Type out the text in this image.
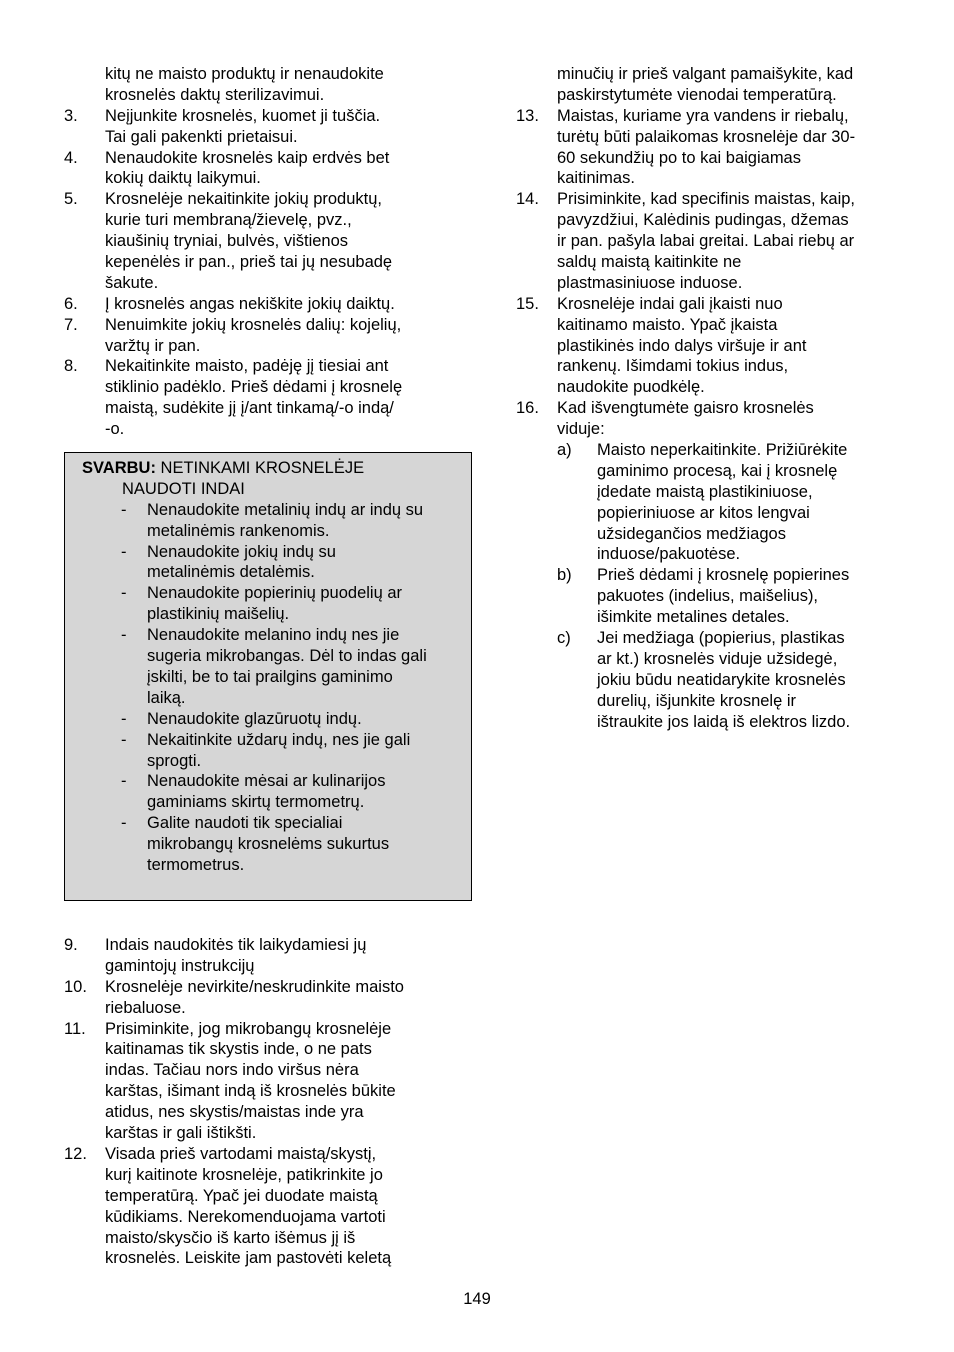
kitų ne maisto produktų ir nenaudokite
krosnelės daktų sterilizavimui.
3. Neįjunkite krosnelės, kuomet ji tuščia.
Tai gali pakenkti prietaisui.
4. Nenaudokite krosnelės kaip erdvės bet
kokių daiktų laikymui.
5. Krosnelėje nekaitinkite jokių produktų,
kurie turi membraną/žievelę, pvz.,
kiaušinių tryniai, bulvės, vištienos
kepenėlės ir pan., prieš tai jų nesubadę
šakute.
6. Į krosnelės angas nekiškite jokių daiktų.
7. Nenuimkite jokių krosnelės dalių: kojelių,
varžtų ir pan.
8. Nekaitinkite maisto, padėję jį tiesiai ant
stiklinio padėklo. Prieš dėdami į krosnelę
maistą, sudėkite jį į/ant tinkamą/-o indą/
-o.
SVARBU: NETINKAMI KROSNELĖJE
NAUDOTI INDAI
- Nenaudokite metalinių indų ar indų su
metalinėmis rankenomis.
- Nenaudokite jokių indų su
metalinėmis detalėmis.
- Nenaudokite popierinių puodelių ar
plastikinių maišelių.
- Nenaudokite melanino indų nes jie
sugeria mikrobangas. Dėl to indas gali
įskilti, be to tai prailgins gaminimo
laiką.
- Nenaudokite glazūruotų indų.
- Nekaitinkite uždarų indų, nes jie gali
sprogti.
- Nenaudokite mėsai ar kulinarijos
gaminiams skirtų termometrų.
- Galite naudoti tik specialiai
mikrobangų krosnelėms sukurtus
termometrus.
9. Indais naudokitės tik laikydamiesi jų
gamintojų instrukcijų
10. Krosnelėje nevirkite/neskrudinkite maisto
riebaluose.
11. Prisiminkite, jog mikrobangų krosnelėje
kaitinamas tik skystis inde, o ne pats
indas. Tačiau nors indo viršus nėra
karštas, išimant indą iš krosnelės būkite
atidus, nes skystis/maistas inde yra
karštas ir gali ištikšti.
12. Visada prieš vartodami maistą/skystį,
kurį kaitinote krosnelėje, patikrinkite jo
temperatūrą. Ypač jei duodate maistą
kūdikiams. Nerekomenduojama vartoti
maisto/skysčio iš karto išėmus jį iš
krosnelės. Leiskite jam pastovėti keletą
minučių ir prieš valgant pamaišykite, kad
paskirstytumėte vienodai temperatūrą.
13. Maistas, kuriame yra vandens ir riebalų,
turėtų būti palaikomas krosnelėje dar 30-
60 sekundžių po to kai baigiamas
kaitinimas.
14. Prisiminkite, kad specifinis maistas, kaip,
pavyzdžiui, Kalėdinis pudingas, džemas
ir pan. pašyla labai greitai. Labai riebų ar
saldų maistą kaitinkite ne
plastmasiniuose induose.
15. Krosnelėje indai gali įkaisti nuo
kaitinamo maisto. Ypač įkaista
plastikinės indo dalys viršuje ir ant
rankenų. Išimdami tokius indus,
naudokite puodkėlę.
16. Kad išvengtumėte gaisro krosnelės
viduje:
a) Maisto neperkaitinkite. Prižiūrėkite
gaminimo procesą, kai į krosnelę
įdedate maistą plastikiniuose,
popieriniuose ar kitos lengvai
užsidegančios medžiagos
induose/pakuotėse.
b) Prieš dėdami į krosnelę popierines
pakuotes (indelius, maišelius),
išimkite metalines detales.
c) Jei medžiaga (popierius, plastikas
ar kt.) krosnelės viduje užsidegė,
jokiu būdu neatidarykite krosnelės
durelių, išjunkite krosnelę ir
ištraukite jos laidą iš elektros lizdo.
149
